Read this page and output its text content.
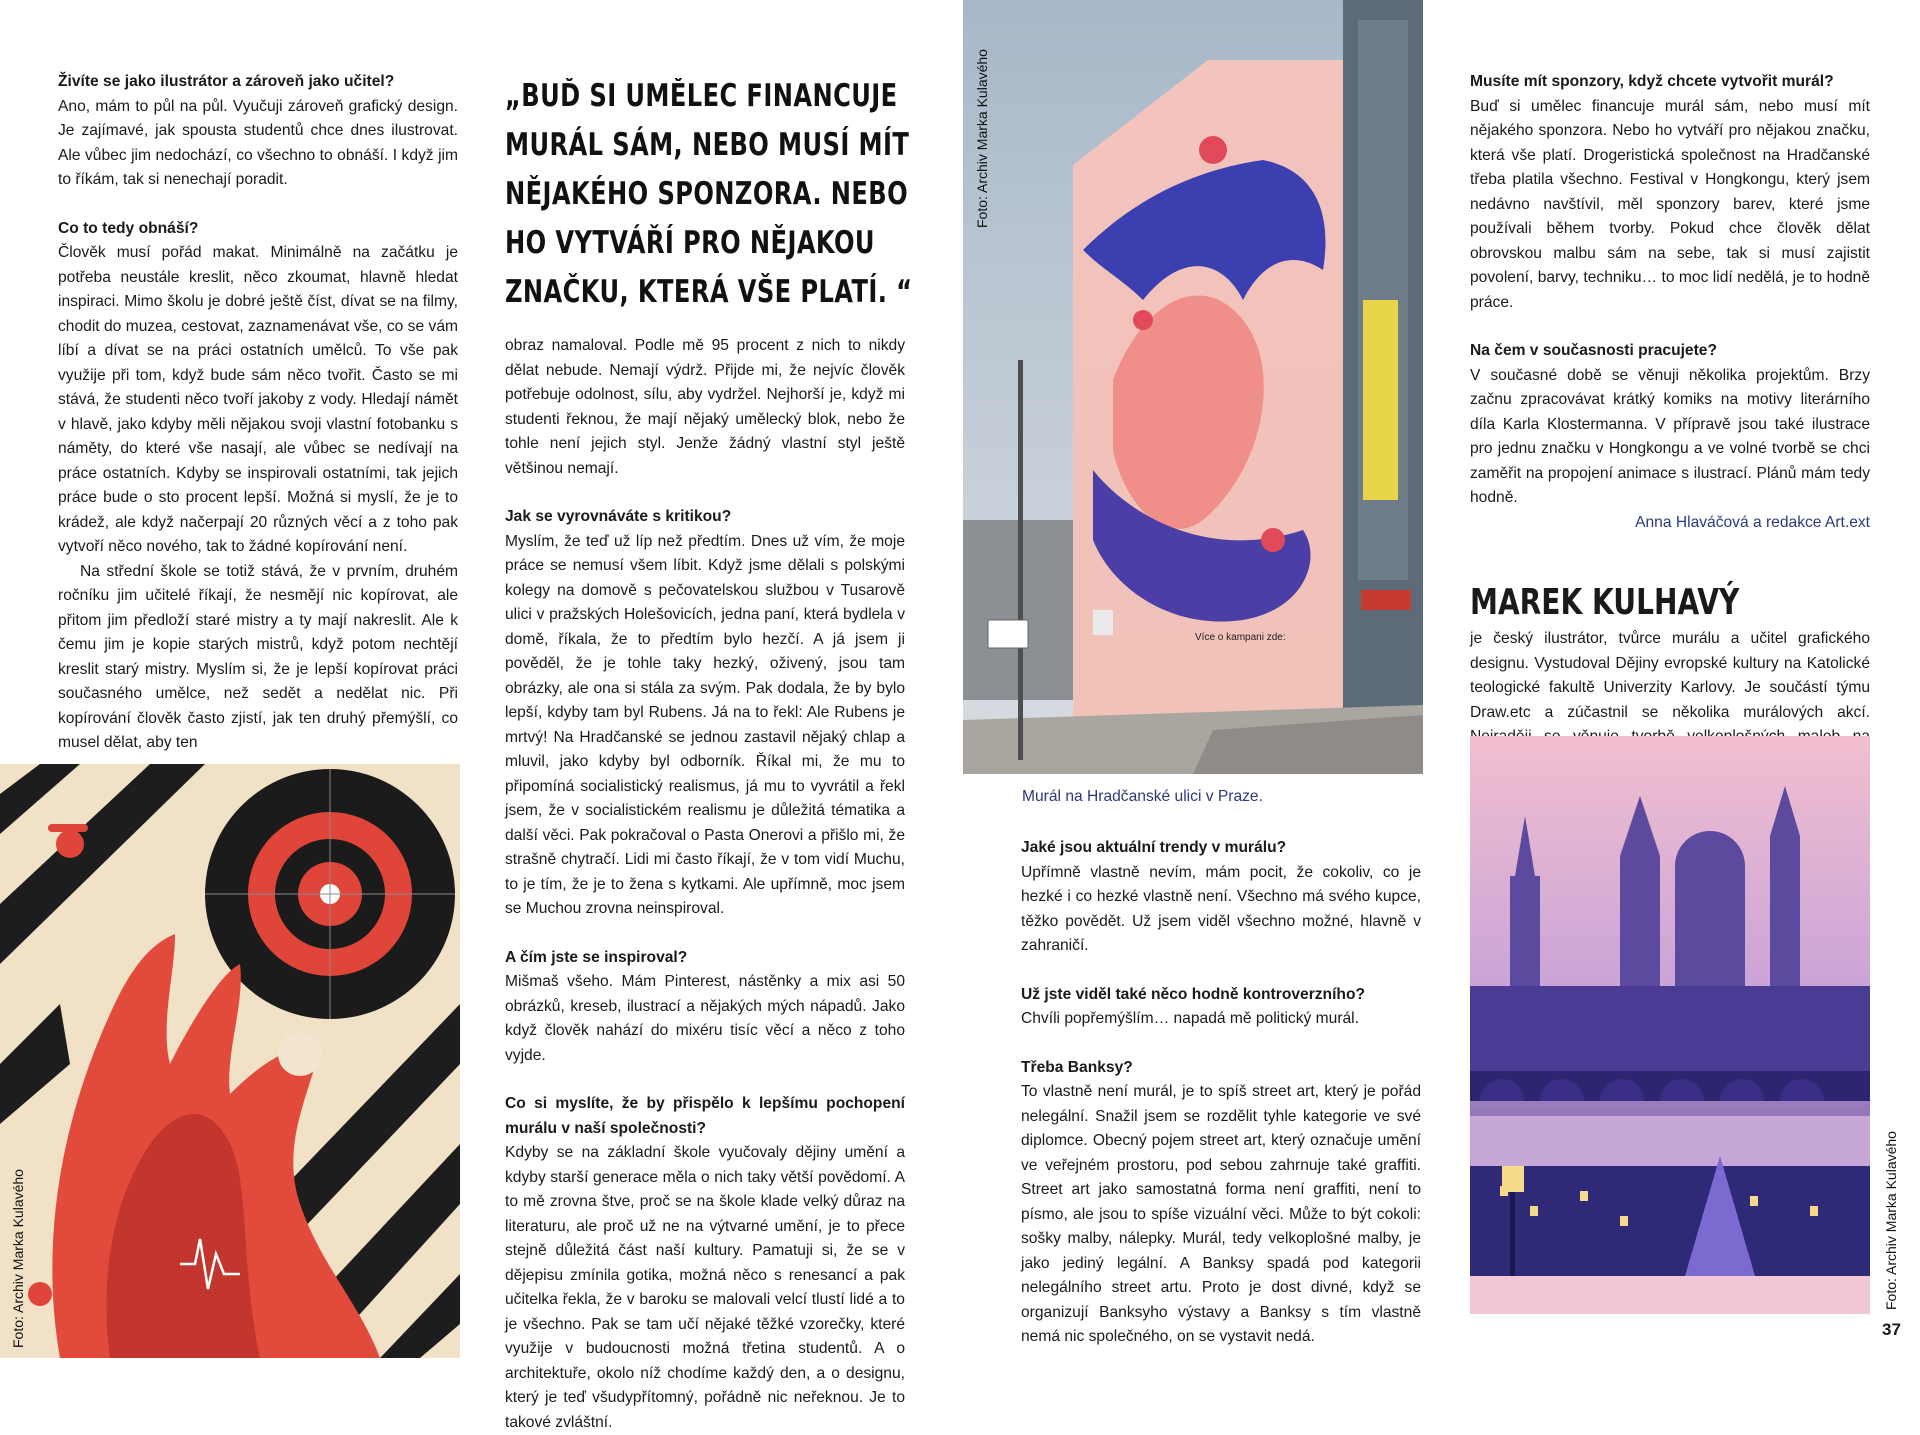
Živíte se jako ilustrátor a zároveň jako učitel?

Ano, mám to půl na půl. Vyučuji zároveň grafický design. Je zajímavé, jak spousta studentů chce dnes ilustrovat. Ale vůbec jim nedochází, co všechno to obnáší. I když jim to říkám, tak si nenechají poradit.

Co to tedy obnáší?

Člověk musí pořád makat. Minimálně na začátku je potřeba neustále kreslit, něco zkoumat, hlavně hledat inspiraci. Mimo školu je dobré ještě číst, dívat se na filmy, chodit do muzea, cestovat, zaznamenávat vše, co se vám líbí a dívat se na práci ostatních umělců. To vše pak využije při tom, když bude sám něco tvořit. Často se mi stává, že studenti něco tvoří jakoby z vody. Hledají námět v hlavě, jako kdyby měli nějakou svoji vlastní fotobanku s náměty, do které vše nasají, ale vůbec se nedívají na práce ostatních. Kdyby se inspirovali ostatními, tak jejich práce bude o sto procent lepší. Možná si myslí, že je to krádež, ale když načerpají 20 různých věcí a z toho pak vytvoří něco nového, tak to žádné kopírování není.

Na střední škole se totiž stává, že v prvním, druhém ročníku jim učitelé říkají, že nesmějí nic kopírovat, ale přitom jim předloží staré mistry a ty mají nakreslit. Ale k čemu jim je kopie starých mistrů, když potom nechtějí kreslit starý mistry. Myslím si, že je lepší kopírovat práci současného umělce, než sedět a nedělat nic. Při kopírování člověk často zjistí, jak ten druhý přemýšlí, co musel dělat, aby ten

Foto: Archiv Marka Kulavého
„BUĎ SI UMĚLEC FINANCUJE MURÁL SÁM, NEBO MUSÍ MÍT NĚJAKÉHO SPONZORA. NEBO HO VYTVÁŘÍ PRO NĚJAKOU ZNAČKU, KTERÁ VŠE PLATÍ. “

obraz namaloval. Podle mě 95 procent z nich to nikdy dělat nebude. Nemají výdrž. Přijde mi, že nejvíc člověk potřebuje odolnost, sílu, aby vydržel. Nejhorší je, když mi studenti řeknou, že mají nějaký umělecký blok, nebo že tohle není jejich styl. Jenže žádný vlastní styl ještě většinou nemají.

Jak se vyrovnáváte s kritikou?

Myslím, že teď už líp než předtím. Dnes už vím, že moje práce se nemusí všem líbit. Když jsme dělali s polskými kolegy na domově s pečovatelskou službou v Tusarově ulici v pražských Holešovicích, jedna paní, která bydlela v domě, říkala, že to předtím bylo hezčí. A já jsem ji pověděl, že je tohle taky hezký, oživený, jsou tam obrázky, ale ona si stála za svým. Pak dodala, že by bylo lepší, kdyby tam byl Rubens. Já na to řekl: Ale Rubens je mrtvý! Na Hradčanské se jednou zastavil nějaký chlap a mluvil, jako kdyby byl odborník. Říkal mi, že mu to připomíná socialistický realismus, já mu to vyvrátil a řekl jsem, že v socialistickém realismu je důležitá tématika a další věci. Pak pokračoval o Pasta Onerovi a přišlo mi, že strašně chytračí. Lidi mi často říkají, že v tom vidí Muchu, to je tím, že je to žena s kytkami. Ale upřímně, moc jsem se Muchou zrovna neinspiroval.

A čím jste se inspiroval?

Mišmaš všeho. Mám Pinterest, nástěnky a mix asi 50 obrázků, kreseb, ilustrací a nějakých mých nápadů. Jako když člověk nahází do mixéru tisíc věcí a něco z toho vyjde.

Co si myslíte, že by přispělo k lepšímu pochopení murálu v naší společnosti?

Kdyby se na základní škole vyučovaly dějiny umění a kdyby starší generace měla o nich taky větší povědomí. A to mě zrovna štve, proč se na škole klade velký důraz na literaturu, ale proč už ne na výtvarné umění, je to přece stejně důležitá část naší kultury. Pamatuji si, že se v dějepisu zmínila gotika, možná něco s renesancí a pak učitelka řekla, že v baroku se malovali velcí tlustí lidé a to je všechno. Pak se tam učí nějaké těžké vzorečky, které využije v budoucnosti možná třetina studentů. A o architektuře, okolo níž chodíme každý den, a o designu, který je teď všudypřítomný, pořádně nic neřeknou. Je to takové zvláštní.

Více o kampani zde:
Foto: Archiv Marka Kulavého
Murál na Hradčanské ulici v Praze.

Jaké jsou aktuální trendy v murálu?

Upřímně vlastně nevím, mám pocit, že cokoliv, co je hezké i co hezké vlastně není. Všechno má svého kupce, těžko povědět. Už jsem viděl všechno možné, hlavně v zahraničí.

Už jste viděl také něco hodně kontroverzního?

Chvíli popřemýšlím… napadá mě politický murál.

Třeba Banksy?

To vlastně není murál, je to spíš street art, který je pořád nelegální. Snažil jsem se rozdělit tyhle kategorie ve své diplomce. Obecný pojem street art, který označuje umění ve veřejném prostoru, pod sebou zahrnuje také graffiti. Street art jako samostatná forma není graffiti, není to písmo, ale jsou to spíše vizuální věci. Může to být cokoli: sošky malby, nálepky. Murál, tedy velkoplošné malby, je jako jediný legální. A Banksy spadá pod kategorii nelegálního street artu. Proto je dost divné, když se organizují Banksyho výstavy a Banksy s tím vlastně nemá nic společného, on se vystavit nedá.

Musíte mít sponzory, když chcete vytvořit murál?

Buď si umělec financuje murál sám, nebo musí mít nějakého sponzora. Nebo ho vytváří pro nějakou značku, která vše platí. Drogeristická společnost na Hradčanské třeba platila všechno. Festival v Hongkongu, který jsem nedávno navštívil, měl sponzory barev, které jsme používali během tvorby. Pokud chce člověk dělat obrovskou malbu sám na sebe, tak si musí zajistit povolení, barvy, techniku… to moc lidí nedělá, je to hodně práce.

Na čem v současnosti pracujete?

V současné době se věnuji několika projektům. Brzy začnu zpracovávat krátký komiks na motivy literárního díla Karla Klostermanna. V přípravě jsou také ilustrace pro jednu značku v Hongkongu a ve volné tvorbě se chci zaměřit na propojení animace s ilustrací. Plánů mám tedy hodně.

Anna Hlaváčová a redakce Art.ext

MAREK KULHAVÝ

je český ilustrátor, tvůrce murálu a učitel grafického designu. Vystudoval Dějiny evropské kultury na Katolické teologické fakultě Univerzity Karlovy. Je součástí týmu Draw.etc a zúčastnil se několika murálových akcí.

Foto: Archiv Marka Kulavého
37
